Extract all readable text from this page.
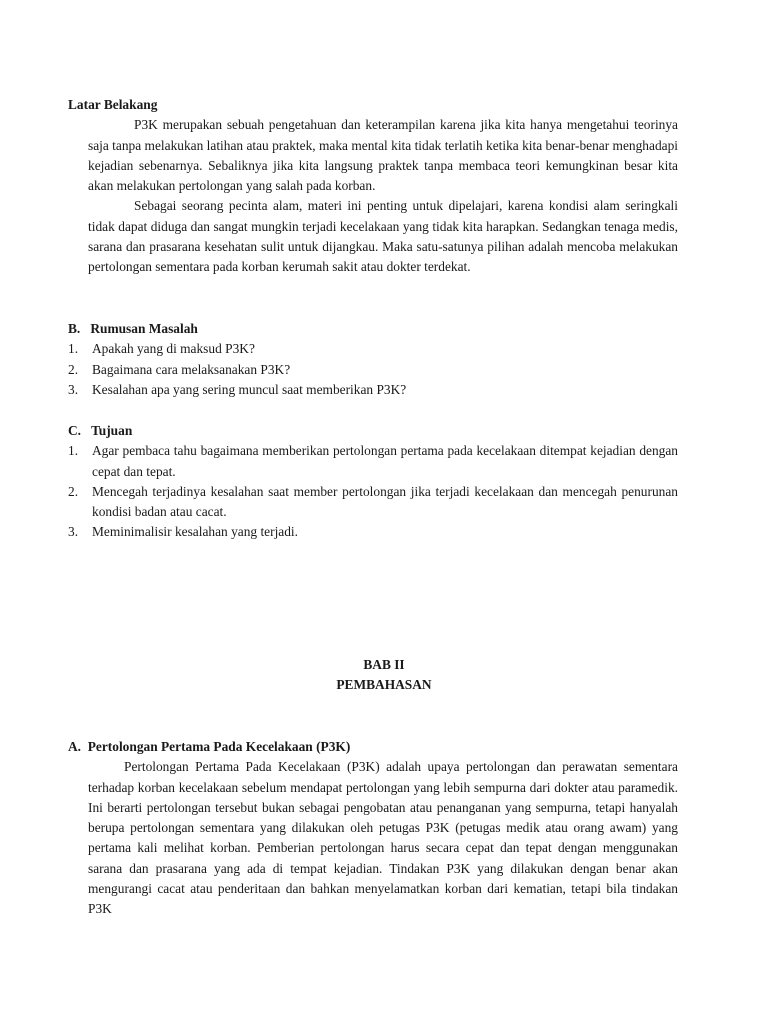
Latar Belakang

P3K merupakan sebuah pengetahuan dan keterampilan karena jika kita hanya mengetahui teorinya saja tanpa melakukan latihan atau praktek, maka mental kita tidak terlatih ketika kita benar-benar menghadapi kejadian sebenarnya. Sebaliknya jika kita langsung praktek tanpa membaca teori kemungkinan besar kita akan melakukan pertolongan yang salah pada korban.

Sebagai seorang pecinta alam, materi ini penting untuk dipelajari, karena kondisi alam seringkali tidak dapat diduga dan sangat mungkin terjadi kecelakaan yang tidak kita harapkan. Sedangkan tenaga medis, sarana dan prasarana kesehatan sulit untuk dijangkau. Maka satu-satunya pilihan adalah mencoba melakukan pertolongan sementara pada korban kerumah sakit atau dokter terdekat.

B. Rumusan Masalah
1. Apakah yang di maksud P3K?
2. Bagaimana cara melaksanakan P3K?
3. Kesalahan apa yang sering muncul saat memberikan P3K?
C. Tujuan
1. Agar pembaca tahu bagaimana memberikan pertolongan pertama pada kecelakaan ditempat kejadian dengan cepat dan tepat.
2. Mencegah terjadinya kesalahan saat member pertolongan jika terjadi kecelakaan dan mencegah penurunan kondisi badan atau cacat.
3. Meminimalisir kesalahan yang terjadi.
BAB II
PEMBAHASAN
A. Pertolongan Pertama Pada Kecelakaan (P3K)

Pertolongan Pertama Pada Kecelakaan (P3K) adalah upaya pertolongan dan perawatan sementara terhadap korban kecelakaan sebelum mendapat pertolongan yang lebih sempurna dari dokter atau paramedik. Ini berarti pertolongan tersebut bukan sebagai pengobatan atau penanganan yang sempurna, tetapi hanyalah berupa pertolongan sementara yang dilakukan oleh petugas P3K (petugas medik atau orang awam) yang pertama kali melihat korban. Pemberian pertolongan harus secara cepat dan tepat dengan menggunakan sarana dan prasarana yang ada di tempat kejadian. Tindakan P3K yang dilakukan dengan benar akan mengurangi cacat atau penderitaan dan bahkan menyelamatkan korban dari kematian, tetapi bila tindakan P3K
